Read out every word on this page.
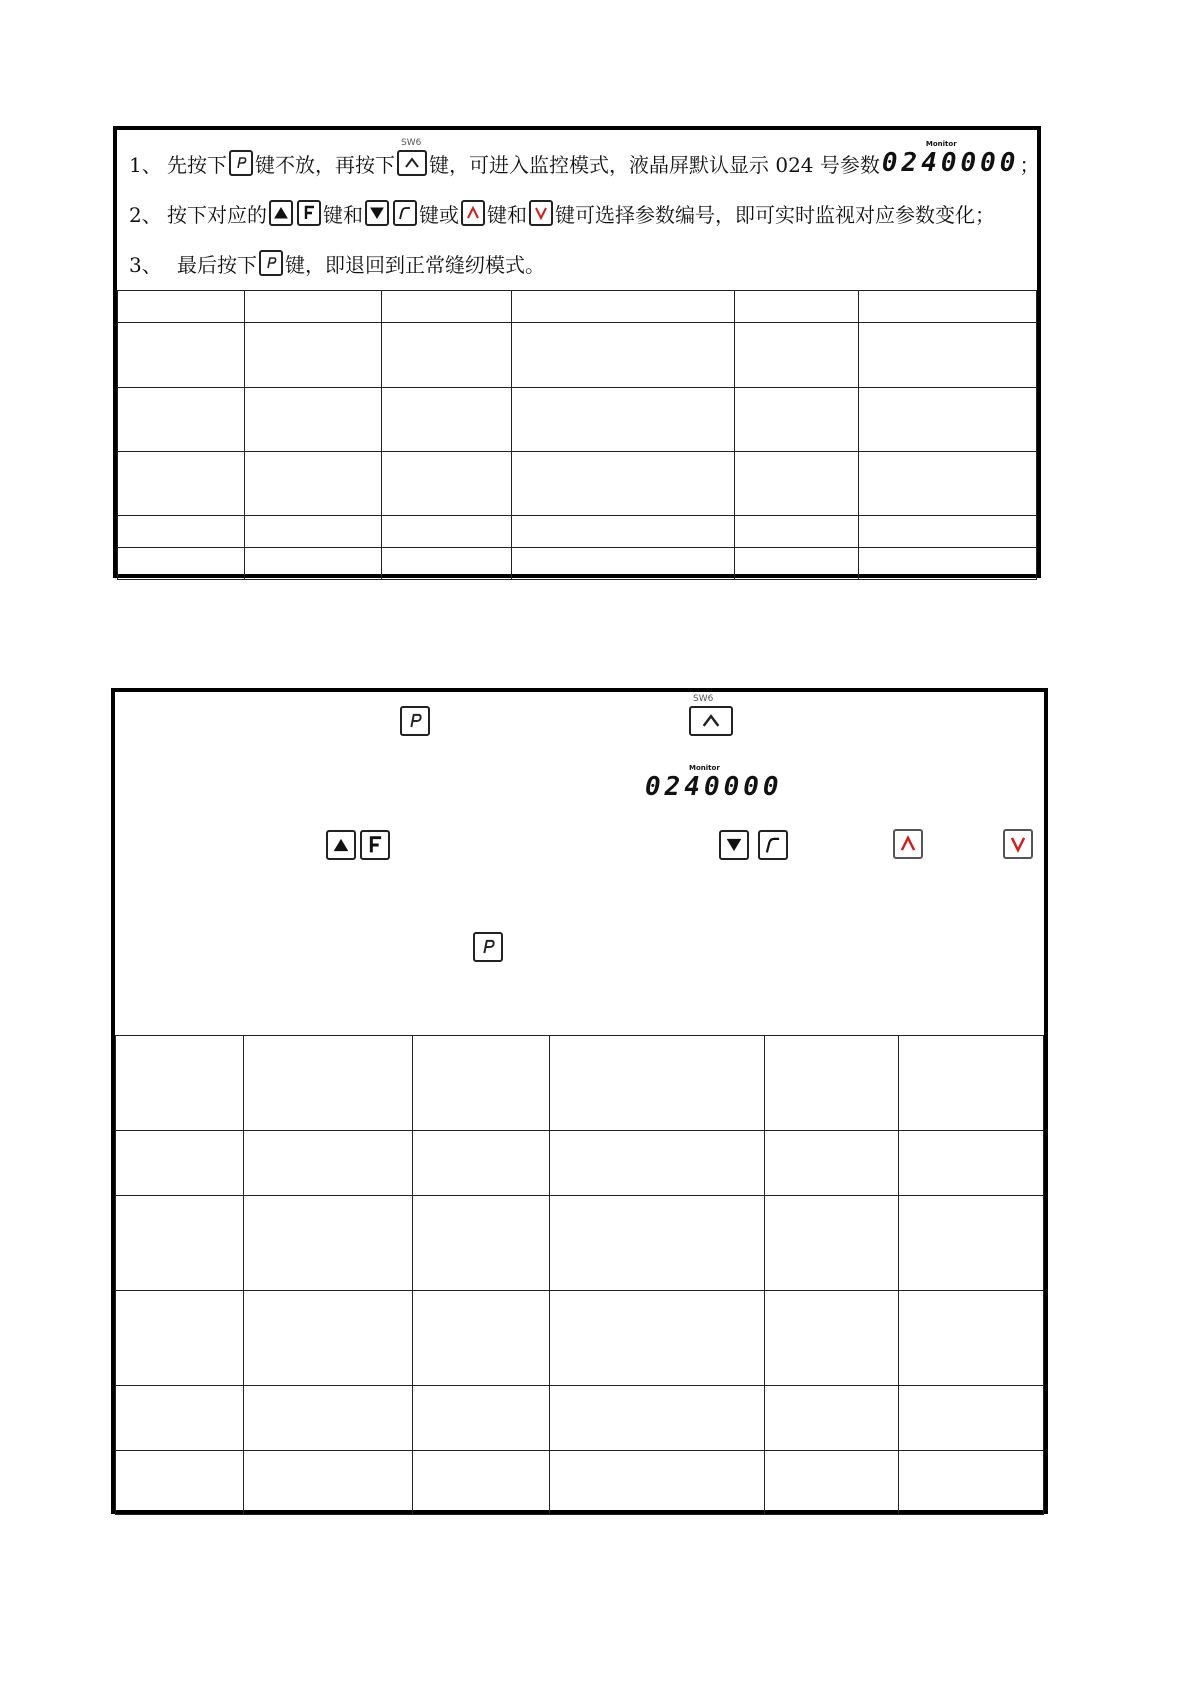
1、 先按下 键不放，再按下
SW6
键，可进入监控模式，液晶屏默认显示 024 号参数
Monitor
0240000 ；
2、 按下对应的	键和	键或 键和 键可选择参数编号，即可实时监视对应参数变化；
3、 最后按下 键，即退回到正常缝纫模式。

SW6
Monitor
0240000
